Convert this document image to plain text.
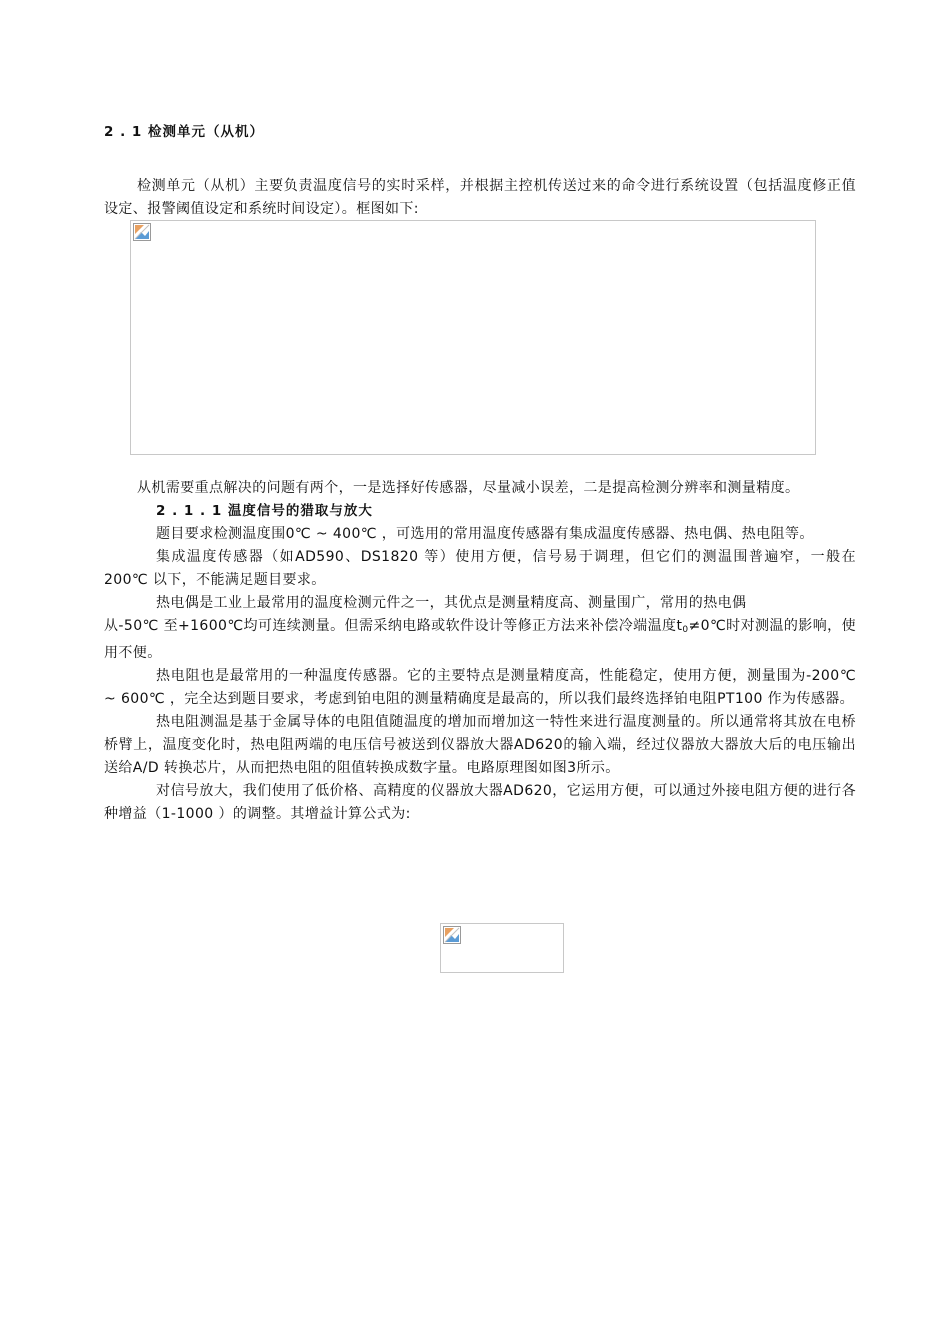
2 . 1 检测单元（从机）

检测单元（从机）主要负责温度信号的实时采样，并根据主控机传送过来的命令进行系统设置（包括温度修正值设定、报警阈值设定和系统时间设定）。框图如下:

从机需要重点解决的问题有两个，一是选择好传感器，尽量减小误差，二是提高检测分辨率和测量精度。

2 . 1 . 1 温度信号的猎取与放大

题目要求检测温度围0℃ ~ 400℃ ，可选用的常用温度传感器有集成温度传感器、热电偶、热电阻等。

集成温度传感器（如AD590、DS1820 等）使用方便，信号易于调理，但它们的测温围普遍窄，一般在200℃ 以下，不能满足题目要求。

热电偶是工业上最常用的温度检测元件之一，其优点是测量精度高、测量围广，常用的热电偶
从-50℃ 至+1600℃均可连续测量。但需采纳电路或软件设计等修正方法来补偿冷端温度t0≠0℃时对测温的影响，使用不便。

热电阻也是最常用的一种温度传感器。它的主要特点是测量精度高，性能稳定，使用方便，测量围为-200℃ ~ 600℃ ，完全达到题目要求，考虑到铂电阻的测量精确度是最高的，所以我们最终选择铂电阻PT100 作为传感器。

热电阻测温是基于金属导体的电阻值随温度的增加而增加这一特性来进行温度测量的。所以通常将其放在电桥桥臂上，温度变化时，热电阻两端的电压信号被送到仪器放大器AD620的输入端，经过仪器放大器放大后的电压输出送给A/D 转换芯片，从而把热电阻的阻值转换成数字量。电路原理图如图3所示。

对信号放大，我们使用了低价格、高精度的仪器放大器AD620，它运用方便，可以通过外接电阻方便的进行各种增益（1-1000 ）的调整。其增益计算公式为:
